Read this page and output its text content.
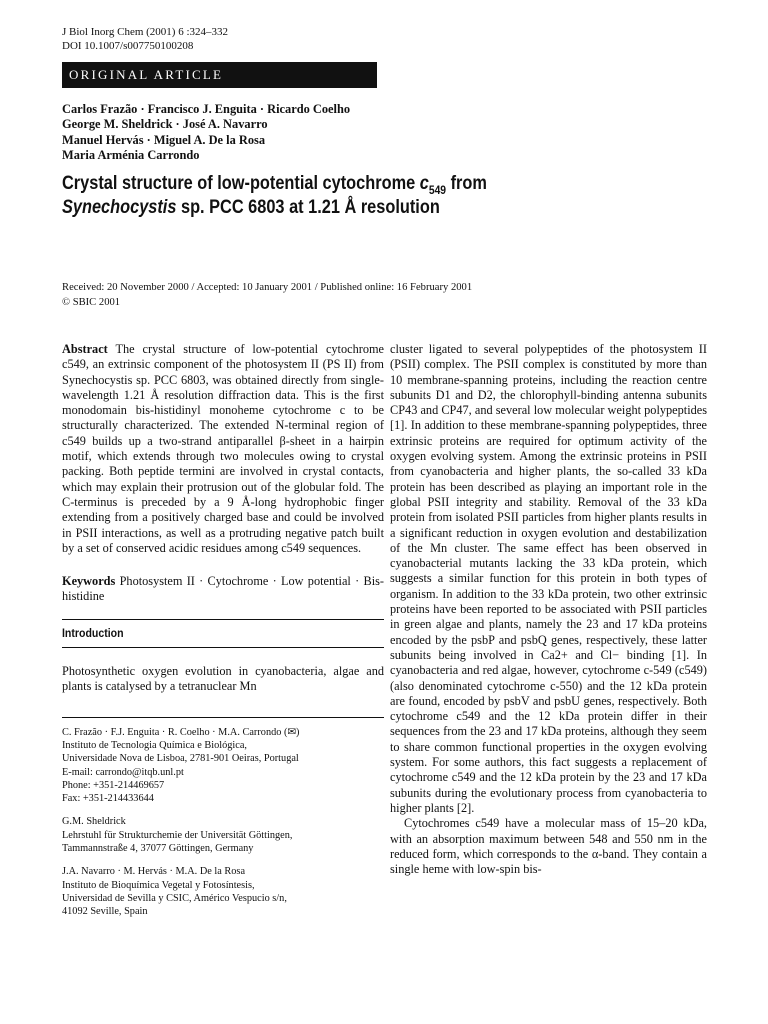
J Biol Inorg Chem (2001) 6 :324–332
DOI 10.1007/s007750100208
ORIGINAL ARTICLE
Carlos Frazão · Francisco J. Enguita · Ricardo Coelho
George M. Sheldrick · José A. Navarro
Manuel Hervás · Miguel A. De la Rosa
Maria Arménia Carrondo
Crystal structure of low-potential cytochrome $c_{549}$ from
Synechocystis sp. PCC 6803 at 1.21 Å resolution
Received: 20 November 2000 / Accepted: 10 January 2001 / Published online: 16 February 2001
© SBIC 2001

Abstract The crystal structure of low-potential cytochrome c549, an extrinsic component of the photosystem II (PS II) from Synechocystis sp. PCC 6803, was obtained directly from single-wavelength 1.21 Å resolution diffraction data. This is the first monodomain bis-histidinyl monoheme cytochrome c to be structurally characterized. The extended N-terminal region of c549 builds up a two-strand antiparallel β-sheet in a hairpin motif, which extends through two molecules owing to crystal packing. Both peptide termini are involved in crystal contacts, which may explain their protrusion out of the globular fold. The C-terminus is preceded by a 9 Å-long hydrophobic finger extending from a positively charged base and could be involved in PSII interactions, as well as a protruding negative patch built by a set of conserved acidic residues among c549 sequences.

Keywords Photosystem II · Cytochrome · Low potential · Bis-histidine

Introduction

Photosynthetic oxygen evolution in cyanobacteria, algae and plants is catalysed by a tetranuclear Mn

C. Frazão · F.J. Enguita · R. Coelho · M.A. Carrondo (✉)
Instituto de Tecnologia Química e Biológica,
Universidade Nova de Lisboa, 2781-901 Oeiras, Portugal
E-mail: carrondo@itqb.unl.pt
Phone: +351-214469657
Fax: +351-214433644

G.M. Sheldrick
Lehrstuhl für Strukturchemie der Universität Göttingen,
Tammannstraße 4, 37077 Göttingen, Germany

J.A. Navarro · M. Hervás · M.A. De la Rosa
Instituto de Bioquímica Vegetal y Fotosíntesis,
Universidad de Sevilla y CSIC, Américo Vespucio s/n,
41092 Seville, Spain

cluster ligated to several polypeptides of the photosystem II (PSII) complex. The PSII complex is constituted by more than 10 membrane-spanning proteins, including the reaction centre subunits D1 and D2, the chlorophyll-binding antenna subunits CP43 and CP47, and several low molecular weight polypeptides [1]. In addition to these membrane-spanning polypeptides, three extrinsic proteins are required for optimum activity of the oxygen evolving system. Among the extrinsic proteins in PSII from cyanobacteria and higher plants, the so-called 33 kDa protein has been described as playing an important role in the global PSII integrity and stability. Removal of the 33 kDa protein from isolated PSII particles from higher plants results in a significant reduction in oxygen evolution and destabilization of the Mn cluster. The same effect has been observed in cyanobacterial mutants lacking the 33 kDa protein, which suggests a similar function for this protein in both types of organism. In addition to the 33 kDa protein, two other extrinsic proteins have been reported to be associated with PSII particles in green algae and plants, namely the 23 and 17 kDa proteins encoded by the psbP and psbQ genes, respectively, these latter subunits being involved in Ca2+ and Cl− binding [1]. In cyanobacteria and red algae, however, cytochrome c-549 (c549) (also denominated cytochrome c-550) and the 12 kDa protein are found, encoded by psbV and psbU genes, respectively. Both cytochrome c549 and the 12 kDa protein differ in their sequences from the 23 and 17 kDa proteins, although they seem to share common functional properties in the oxygen evolving system. For some authors, this fact suggests a replacement of cytochrome c549 and the 12 kDa protein by the 23 and 17 kDa subunits during the evolutionary process from cyanobacteria to higher plants [2].

Cytochromes c549 have a molecular mass of 15–20 kDa, with an absorption maximum between 548 and 550 nm in the reduced form, which corresponds to the α-band. They contain a single heme with low-spin bis-
